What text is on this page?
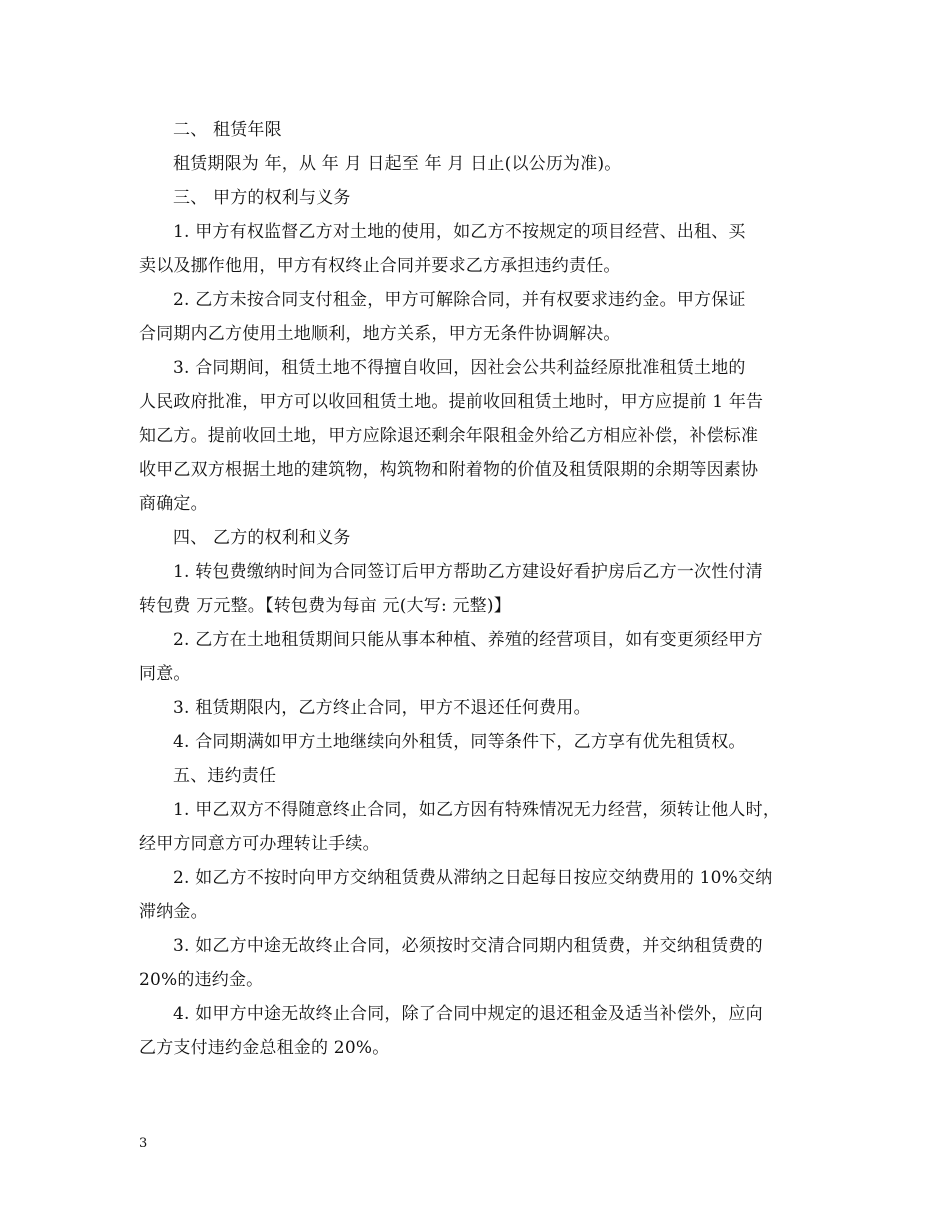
二、 租赁年限
租赁期限为 年，从 年 月 日起至 年 月 日止(以公历为准)。
三、 甲方的权利与义务
1. 甲方有权监督乙方对土地的使用，如乙方不按规定的项目经营、出租、买
卖以及挪作他用，甲方有权终止合同并要求乙方承担违约责任。
2. 乙方未按合同支付租金，甲方可解除合同，并有权要求违约金。甲方保证
合同期内乙方使用土地顺利，地方关系，甲方无条件协调解决。
3. 合同期间，租赁土地不得擅自收回，因社会公共利益经原批准租赁土地的
人民政府批准，甲方可以收回租赁土地。提前收回租赁土地时，甲方应提前 1 年告
知乙方。提前收回土地，甲方应除退还剩余年限租金外给乙方相应补偿，补偿标准
收甲乙双方根据土地的建筑物，构筑物和附着物的价值及租赁限期的余期等因素协
商确定。
四、 乙方的权利和义务
1. 转包费缴纳时间为合同签订后甲方帮助乙方建设好看护房后乙方一次性付清
转包费 万元整。【转包费为每亩 元(大写: 元整)】
2. 乙方在土地租赁期间只能从事本种植、养殖的经营项目，如有变更须经甲方
同意。
3. 租赁期限内，乙方终止合同，甲方不退还任何费用。
4. 合同期满如甲方土地继续向外租赁，同等条件下，乙方享有优先租赁权。
五、违约责任
1. 甲乙双方不得随意终止合同，如乙方因有特殊情况无力经营，须转让他人时，
经甲方同意方可办理转让手续。
2. 如乙方不按时向甲方交纳租赁费从滞纳之日起每日按应交纳费用的 10%交纳
滞纳金。
3. 如乙方中途无故终止合同，必须按时交清合同期内租赁费，并交纳租赁费的
20%的违约金。
4. 如甲方中途无故终止合同，除了合同中规定的退还租金及适当补偿外，应向
乙方支付违约金总租金的 20%。
3
